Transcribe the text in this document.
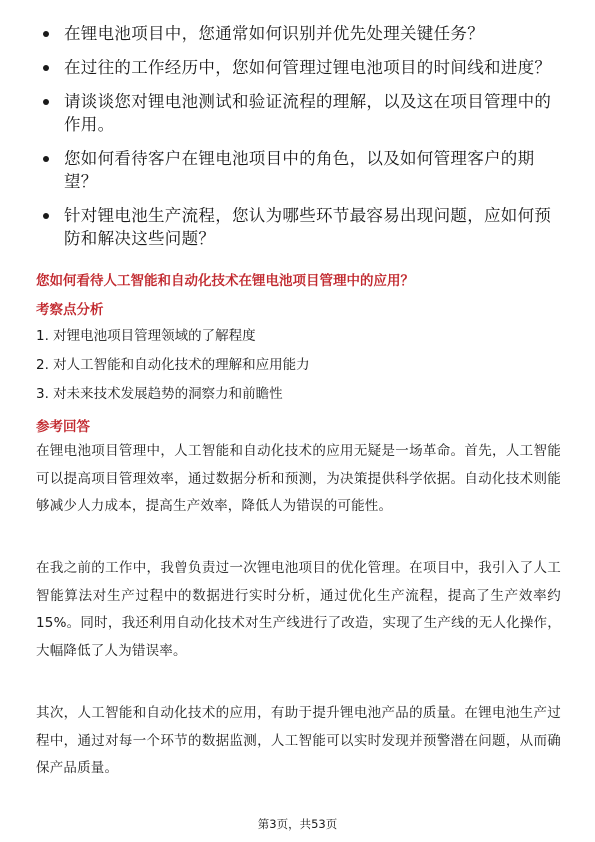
在锂电池项目中，您通常如何识别并优先处理关键任务？
在过往的工作经历中，您如何管理过锂电池项目的时间线和进度？
请谈谈您对锂电池测试和验证流程的理解，以及这在项目管理中的作用。
您如何看待客户在锂电池项目中的角色，以及如何管理客户的期望？
针对锂电池生产流程，您认为哪些环节最容易出现问题，应如何预防和解决这些问题？
您如何看待人工智能和自动化技术在锂电池项目管理中的应用？
考察点分析
1. 对锂电池项目管理领域的了解程度
2. 对人工智能和自动化技术的理解和应用能力
3. 对未来技术发展趋势的洞察力和前瞻性
参考回答
在锂电池项目管理中，人工智能和自动化技术的应用无疑是一场革命。首先，人工智能可以提高项目管理效率，通过数据分析和预测，为决策提供科学依据。自动化技术则能够减少人力成本，提高生产效率，降低人为错误的可能性。
在我之前的工作中，我曾负责过一次锂电池项目的优化管理。在项目中，我引入了人工智能算法对生产过程中的数据进行实时分析，通过优化生产流程，提高了生产效率约15%。同时，我还利用自动化技术对生产线进行了改造，实现了生产线的无人化操作，大幅降低了人为错误率。
其次，人工智能和自动化技术的应用，有助于提升锂电池产品的质量。在锂电池生产过程中，通过对每一个环节的数据监测，人工智能可以实时发现并预警潜在问题，从而确保产品质量。
第3页，共53页
